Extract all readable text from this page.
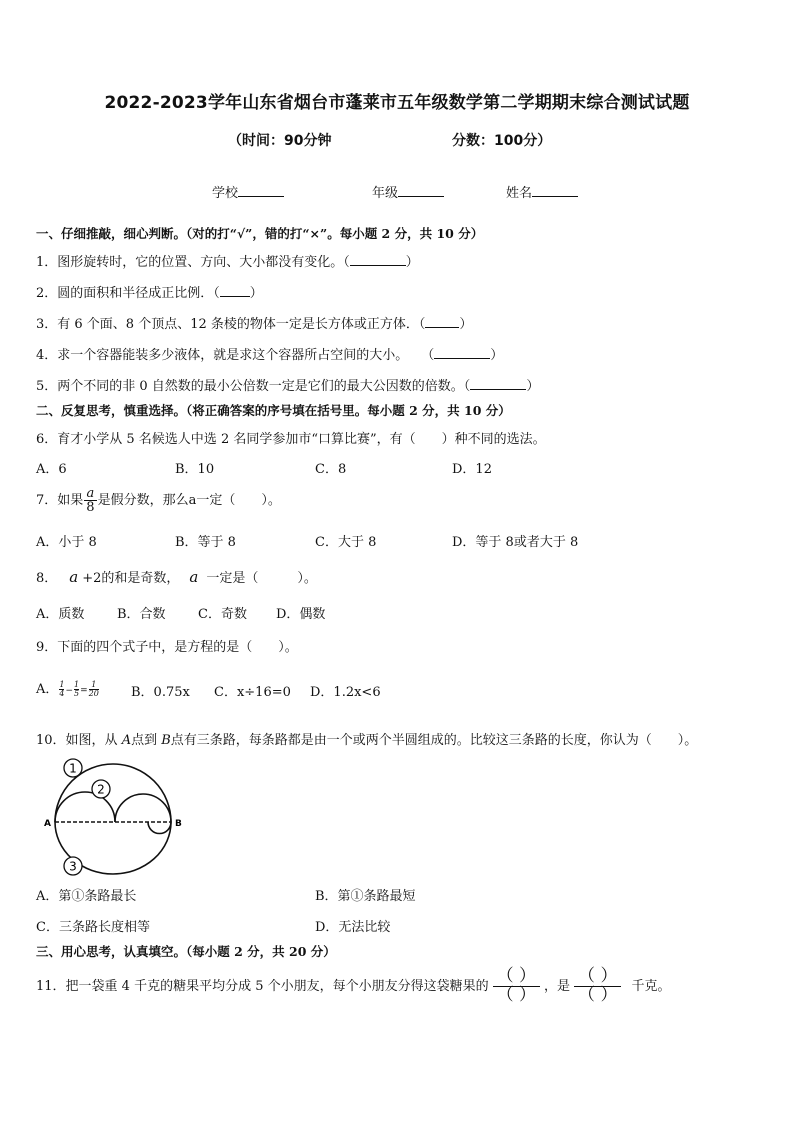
2022-2023学年山东省烟台市蓬莱市五年级数学第二学期期末综合测试试题
（时间：90分钟	分数：100分）
学校	年级	姓名
一、仔细推敲，细心判断。（对的打“√”，错的打“×”。每小题 2 分，共 10 分）
1．图形旋转时，它的位置、方向、大小都没有变化。（	）
2．圆的面积和半径成正比例．（ ）
3．有 6 个面、8 个顶点、12 条棱的物体一定是长方体或正方体．（	）
4．求一个容器能装多少液体，就是求这个容器所占空间的大小。　　（	）
5．两个不同的非 0 自然数的最小公倍数一定是它们的最大公因数的倍数。（	）
二、反复思考，慎重选择。（将正确答案的序号填在括号里。每小题 2 分，共 10 分）
6．育才小学从 5 名候选人中选 2 名同学参加市“口算比赛”，有（　　）种不同的选法。
A．6	B．10	C．8	D．12
7．如果 $\frac{a}{8}$ 是假分数，那么a一定（　　）。
A．小于 8	B．等于 8	C．大于 8	D．等于 8或者大于 8
8． a +2的和是奇数， a 一定是（　　　）。
A．质数	B．合数 C．奇数 D．偶数
9．下面的四个式子中，是方程的是（　　）。
A． $\frac{1}{4} - \frac{1}{5} = \frac{1}{20}$ B．0.75x C．x÷16=0 D．1.2x<6
10．如图，从 A点到 B点有三条路，每条路都是由一个或两个半圆组成的。比较这三条路的长度，你认为（　　）。
1
2
3
A	B
A．第①条路最长	B．第①条路最短
C．三条路长度相等	D．无法比较
三、用心思考，认真填空。（每小题 2 分，共 20 分）
11．把一袋重 4 千克的糖果平均分成 5 个小朋友，每个小朋友分得这袋糖果的
（ ）
（ ） ，是
（ ）
（ ）	千克。
